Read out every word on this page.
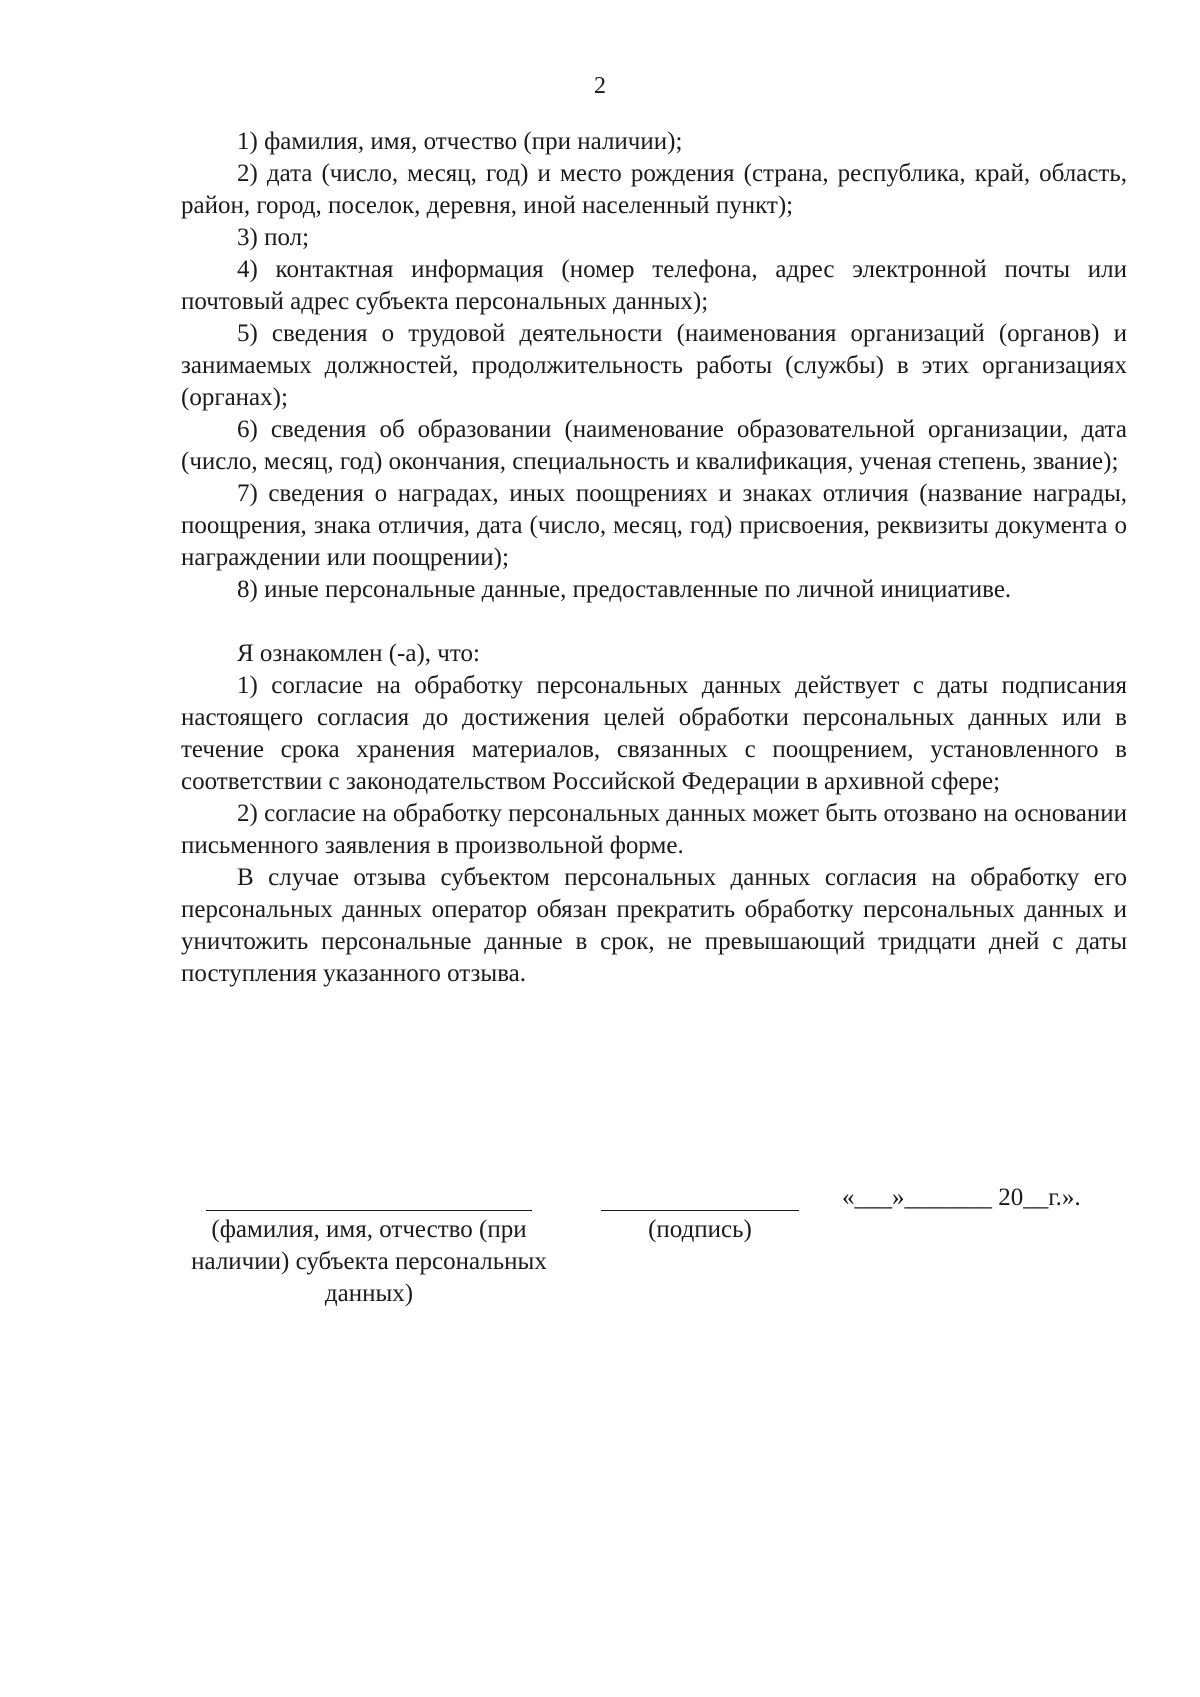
2

1) фамилия, имя, отчество (при наличии);

2) дата (число, месяц, год) и место рождения (страна, республика, край, область, район, город, поселок, деревня, иной населенный пункт);

3) пол;

4) контактная информация (номер телефона, адрес электронной почты или почтовый адрес субъекта персональных данных);

5) сведения о трудовой деятельности (наименования организаций (органов) и занимаемых должностей, продолжительность работы (службы) в этих организациях (органах);

6) сведения об образовании (наименование образовательной организации, дата (число, месяц, год) окончания, специальность и квалификация, ученая степень, звание);

7) сведения о наградах, иных поощрениях и знаках отличия (название награды, поощрения, знака отличия, дата (число, месяц, год) присвоения, реквизиты документа о награждении или поощрении);

8) иные персональные данные, предоставленные по личной инициативе.

Я ознакомлен (-а), что:

1) согласие на обработку персональных данных действует с даты подписания настоящего согласия до достижения целей обработки персональных данных или в течение срока хранения материалов, связанных с поощрением, установленного в соответствии с законодательством Российской Федерации в архивной сфере;

2) согласие на обработку персональных данных может быть отозвано на основании письменного заявления в произвольной форме.

В случае отзыва субъектом персональных данных согласия на обработку его персональных данных оператор обязан прекратить обработку персональных данных и уничтожить персональные данные в срок, не превышающий тридцати дней с даты поступления указанного отзыва.

«___»_______ 20__г.».
(фамилия, имя, отчество (при наличии) субъекта персональных данных)
(подпись)
